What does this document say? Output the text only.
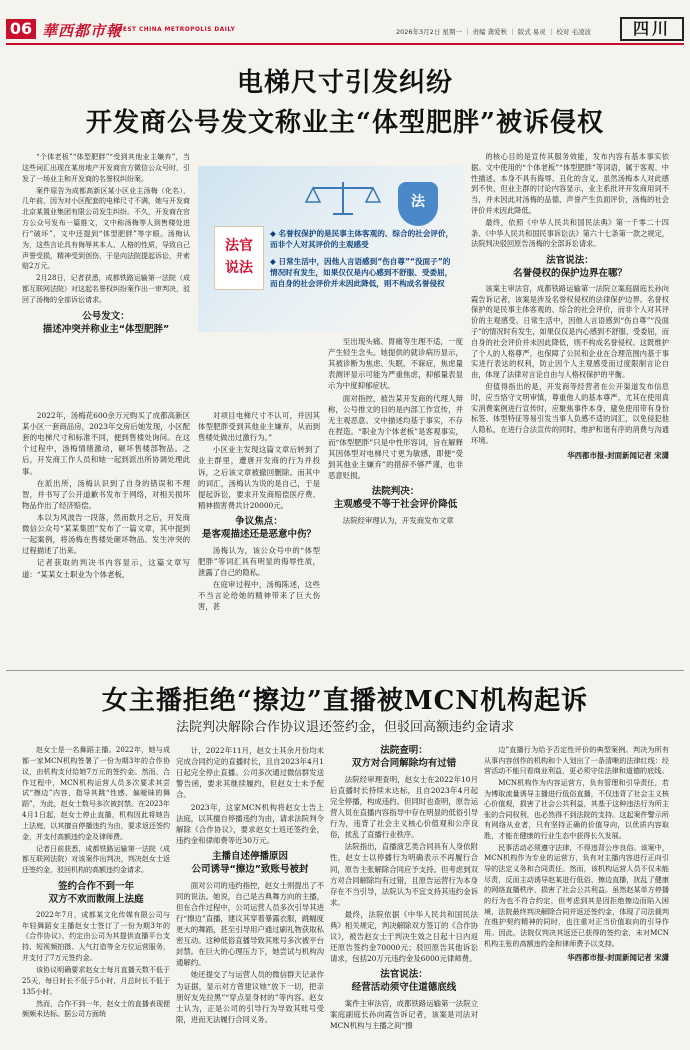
06 華西都市報
WEST CHINA METROPOLIS DAILY	2026年3月2日 星期一 ｜ 责编 龚爱秋 ｜ 版式 易灵 ｜ 校对 毛凌波	四川
电梯尺寸引发纠纷
开发商公号发文称业主“体型肥胖”被诉侵权

“个体老板”“体型肥胖”“受到其他业主嫌弃”，当这些词汇出现在某房地产开发商官方微信公众号时，引发了一场业主和开发商的名誉权纠纷案。

案件原告为成都高新区某小区业主汤梅（化名），几年前，因为对小区配套的电梯尺寸不满，她与开发商北京某置业集团有限公司发生纠纷。不久，开发商在官方公众号发布一篇推文，文中称汤梅等人到售楼处进行“破坏”，文中还提到“体型肥胖”等字眼。汤梅认为，这些言论具有侮辱其本人、人格的性质，导致自己声誉受损，精神受到创伤，于是向法院提起诉讼，并索赔2万元。

2月28日，记者获悉，成都铁路运输第一法院（成都互联网法院）对这起名誉权纠纷案作出一审判决，驳回了汤梅的全部诉讼请求。

公号发文：
描述冲突并称业主“体型肥胖”

2022年，汤梅花600余万元购买了成都高新区某小区一套商品房，2023年交房后她发现，小区配套的电梯尺寸和标准不同，便到售楼处询问。在这个过程中，汤梅情绪激动，砸坏售楼部物品。之后，开发商工作人员和她一起到派出所协调处理此事。

在派出所，汤梅认识到了自身的错误和不理智，并书写了公开道歉书发布于网络，对相关损坏物品作出了经济赔偿。

本以为风波告一段落，然而数月之后，开发商微信公众号“某某集团”发布了一篇文章，其中提到一起案例，将汤梅在售楼处砸坏物品、发生冲突的过程描述了出来。

记者获取的判决书内容显示，这篇文章写道：“某某女士职业为个体老板，

法
法官
说法

◆ 名誉权保护的是民事主体客观的、综合的社会评价，而非个人对其评价的主观感受

◆ 日常生活中，因他人言语感到“伤自尊”“没面子”的情况时有发生，如果仅仅是内心感到不舒服、受委屈，而自身的社会评价并未因此降低，则不构成名誉侵权

对项目电梯尺寸不认可，并因其体型肥胖受到其他业主嫌弃，从而到售楼处做出过激行为。”

小区业主发现这篇文章后转到了业主群里，遭唐开发商的行为并投诉，之后该文章被撤回删除。而其中的词汇，汤梅认为说的是自己，于是提起诉讼，要求开发商赔偿医疗费、精神损害费共计20000元。

争议焦点：
是客观描述还是恶意中伤？

汤梅认为，该公众号中的“体型肥胖”等词汇具有明显的侮辱性质，泄露了自己的隐私。

在庭审过程中，汤梅陈述，这些不当言论给她的精神带来了巨大伤害，甚

至出现头痛、胃痛等生理不适，一度产生轻生念头。她提供的就诊病历显示，其被诊断为焦虑、失眠、不寐症，焦虑量表测评显示可能为严重焦虑，抑郁量表显示为中度抑郁症状。

面对指控，被告某开发商的代理人辩称，公号推文的目的是内部工作宣传，并无主观恶意。文中描述均基于事实，不存在捏造。“职业为个体老板”是客观事实，而“体型肥胖”只是中性形容词，旨在解释其因体型对电梯尺寸更为敏感，即便“受到其他业主嫌弃”的措辞不够严谨，也非恶意贬损。

法院判决：
主观感受不等于社会评价降低

法院经审理认为，开发商发布文章

的核心目的是宣传其服务效能，发布内容有基本事实依据。文中使用的“个体老板”“体型肥胖”等词语，属于客观、中性描述，本身不具有侮辱、丑化的含义。虽然汤梅本人对此感到不快，但业主群的讨论内容显示，业主系批评开发商用词不当，并未因此对汤梅的品德、声誉产生负面评价，汤梅的社会评价并未因此降低。

最终，依照《中华人民共和国民法典》第一千零二十四条、《中华人民共和国民事诉讼法》第六十七条第一款之规定，法院判决驳回原告汤梅的全部诉讼请求。

法官说法：
名誉侵权的保护边界在哪？

该案主审法官，成都铁路运输第一法院立案庭副庭长孙向霞告诉记者，该案是涉及名誉权侵权的法律保护边界。名誉权保护的是民事主体客观的、综合的社会评价，而非个人对其评价的主观感受。日常生活中，因他人言语感到“伤自尊”“没面子”的情况时有发生，如果仅仅是内心感到不舒服、受委屈，而自身的社会评价并未因此降低，则不构成名誉侵权。这既维护了个人的人格尊严，也保障了公民和企业在合理范围内基于事实进行表达的权利，防止因个人主观感受而过度限制言论自由，体现了法律对言论自由与人格权保护的平衡。

但值得指出的是，开发商等经营者在公开渠道发布信息时，应当恪守文明审慎，尊重他人的基本尊严。尤其在使用真实消费案例进行宣传时，应聚焦事件本身，避免使用带有身份标签、体型特征等易引发当事人负感不适的词汇，以免侵犯他人隐私，在进行合法宣传的同时，维护和谐有序的消费与沟通环境。

华西都市报-封面新闻记者 宋潇
女主播拒绝“擦边”直播被MCN机构起诉
法院判决解除合作协议退还签约金，但驳回高额违约金请求

赵女士是一名舞蹈主播。2022年，她与成都一家MCN机构签署了一份为期3年的合作协议，由机构支付给她7万元的签约金。然而，合作过程中，MCN机构运营人员多次要求其尝试“擦边”内容，指导其跳“性感、偏暧昧的舞蹈”，为此，赵女士数号多次被封禁。在2023年4月1日起，赵女士停止直播，机构因此将她告上法庭，以其擅自停播违约为由，要求返还签约金，并支付高额违约金及律师费。

记者日前获悉，成都铁路运输第一法院（成都互联网法院）对该案作出判决，判决赵女士返还签约金，驳回机构的高额违约金请求。

签约合作不到一年
双方不欢而散闹上法庭

2022年7月，成都某文化传媒有限公司与年轻舞蹈女主播赵女士签订了一份为期3年的《合作协议》，约定由公司为其提供直播平台支持、短视频拍摄、人气打造等全方位运营服务，并支付了7万元签约金。

该协议明确要求赵女士每月直播天数不低于25天，每日时长不低于5小时，月总时长不低于135小时。

然而，合作不到一年，赵女士的直播表现便频频未达标。据公司方面统

计，2022年11月，赵女士其余月份均未完成合同约定的直播时长，且自2023年4月1日起完全停止直播。公司多次通过微信群发送警告函，要求其继续履约，但赵女士未予配合。

2023年，这家MCN机构将赵女士告上法庭，以其擅自停播违约为由，请求法院判令解除《合作协议》，要求赵女士返还签约金，违约金和律师费等近30万元。

主播自述停播原因
公司诱导“擦边”致账号被封

面对公司的违约指控，赵女士则提出了不同的说法。她说，自己是古典舞方向的主播，但在合作过程中，公司运营人员多次引导其进行“擦边”直播，建议其穿着暴露衣服，跳幅度更大的舞蹈，甚至引导用户通过刷礼物获取私密互动。这种低俗直播导致其账号多次被平台封禁。在巨大的心理压力下，她尝试与机构沟通解约。

她还提交了与运营人员的微信群天记录作为证据，显示对方曾建议她“放下一切，把亲朋好友先拉黑”“穿点显身材的”等内容。赵女士认为，正是公司的引导行为导致其账号受限，进而无法履行合同义务。

法院查明：
双方对合同解除均有过错

法院经审理查明，赵女士在2022年10月后直播时长持续未达标，且自2023年4月起完全停播，构成违约。但同时也查明，原告运营人员在直播内容指导中存在明显的低俗引导行为，违背了社会主义核心价值观和公序良俗，扰乱了直播行业秩序。

法院指出，直播演艺类合同具有人身依附性，赵女士以停播行为明确表示不再履行合同，原告主张解除合同应予支持。但考虑到双方对合同解除均有过错，且原告运营行为本身存在不当引导，法院认为不宜支持其违约金诉求。

最终，法院依据《中华人民共和国民法典》相关规定，判决解除双方签订的《合作协议》，被告赵女士于判决生效之日起十日内返还原告签约金70000元；驳回原告其他诉讼请求，包括20万元违约金及6000元律师费。

法官说法：
经营活动须守住道德底线

案件主审法官，成都铁路运输第一法院立案庭副庭长孙向霞告诉记者，该案是司法对MCN机构与主播之间“擦

边”直播行为给予否定性评价的典型案例。判决为所有从事内容创作的机构和个人划出了一条清晰的法律红线：经营活动不能只看商业利益，更必须守住法律和道德的底线。

MCN机构作为内容运营方，负有管理和引导责任，若为博取流量诱导主播进行低俗直播，不仅违背了社会主义核心价值观，损害了社会公共利益，其基于这种违法行为所主张的合同权利，也必然得不到法院的支持。这起案件警示所有网络从业者，只有坚持正确的价值导向，以优质内容取胜，才能在健康的行业生态中获得长久发展。

民事活动必须遵守法律，不得违背公序良俗。该案中，MCN机构作为专业的运营方，负有对主播内容进行正向引导的法定义务和合同责任。然而，该机构运营人员不仅未能尽责，反而主动诱导赵某进行低俗、擦边直播，扰乱了健康的网络直播秩序，损害了社会公共利益。虽然赵某单方停播的行为也不符合约定，但考虑到其是因拒绝擦边而陷入困境，法院最终判决解除合同并返还签约金，体现了司法裁判在维护契约精神的同时，也注重对正当价值取向的引导作用。因此，法院仅判决其返还已获得的签约金，未对MCN机构主张的高额违约金和律师费予以支持。

华西都市报-封面新闻记者 宋潇
